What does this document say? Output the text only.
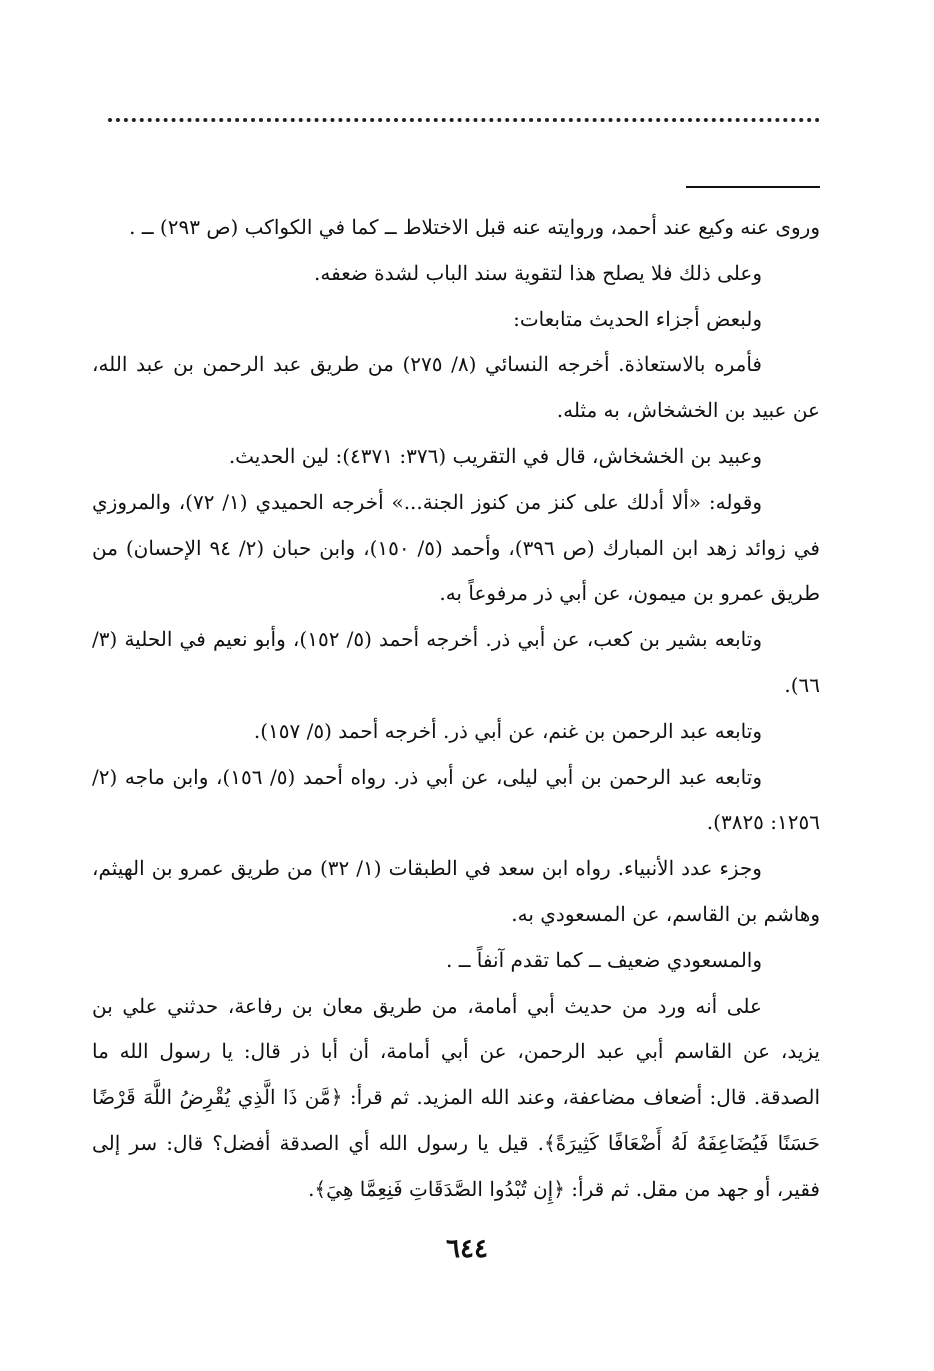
وروى عنه وكيع عند أحمد، وروايته عنه قبل الاختلاط ــ كما في الكواكب (ص ٢٩٣) ــ .

وعلى ذلك فلا يصلح هذا لتقوية سند الباب لشدة ضعفه.

ولبعض أجزاء الحديث متابعات:

فأمره بالاستعاذة. أخرجه النسائي (٨/ ٢٧٥) من طريق عبد الرحمن بن عبد الله، عن عبيد بن الخشخاش، به مثله.

وعبيد بن الخشخاش، قال في التقريب (٣٧٦: ٤٣٧١): لين الحديث.

وقوله: «ألا أدلك على كنز من كنوز الجنة...» أخرجه الحميدي (١/ ٧٢)، والمروزي في زوائد زهد ابن المبارك (ص ٣٩٦)، وأحمد (٥/ ١٥٠)، وابن حبان (٢/ ٩٤ الإحسان) من طريق عمرو بن ميمون، عن أبي ذر مرفوعاً به.

وتابعه بشير بن كعب، عن أبي ذر. أخرجه أحمد (٥/ ١٥٢)، وأبو نعيم في الحلية (٣/ ٦٦).

وتابعه عبد الرحمن بن غنم، عن أبي ذر. أخرجه أحمد (٥/ ١٥٧).

وتابعه عبد الرحمن بن أبي ليلى، عن أبي ذر. رواه أحمد (٥/ ١٥٦)، وابن ماجه (٢/ ١٢٥٦: ٣٨٢٥).

وجزء عدد الأنبياء. رواه ابن سعد في الطبقات (١/ ٣٢) من طريق عمرو بن الهيثم، وهاشم بن القاسم، عن المسعودي به.

والمسعودي ضعيف ــ كما تقدم آنفاً ــ .

على أنه ورد من حديث أبي أمامة، من طريق معان بن رفاعة، حدثني علي بن يزيد، عن القاسم أبي عبد الرحمن، عن أبي أمامة، أن أبا ذر قال: يا رسول الله ما الصدقة. قال: أضعاف مضاعفة، وعند الله المزيد. ثم قرأ: ﴿مَّن ذَا الَّذِي يُقْرِضُ اللَّهَ قَرْضًا حَسَنًا فَيُضَاعِفَهُ لَهُ أَضْعَافًا كَثِيرَةً﴾. قيل يا رسول الله أي الصدقة أفضل؟ قال: سر إلى فقير، أو جهد من مقل. ثم قرأ: ﴿إِن تُبْدُوا الصَّدَقَاتِ فَنِعِمَّا هِيَ﴾.

٦٤٤
